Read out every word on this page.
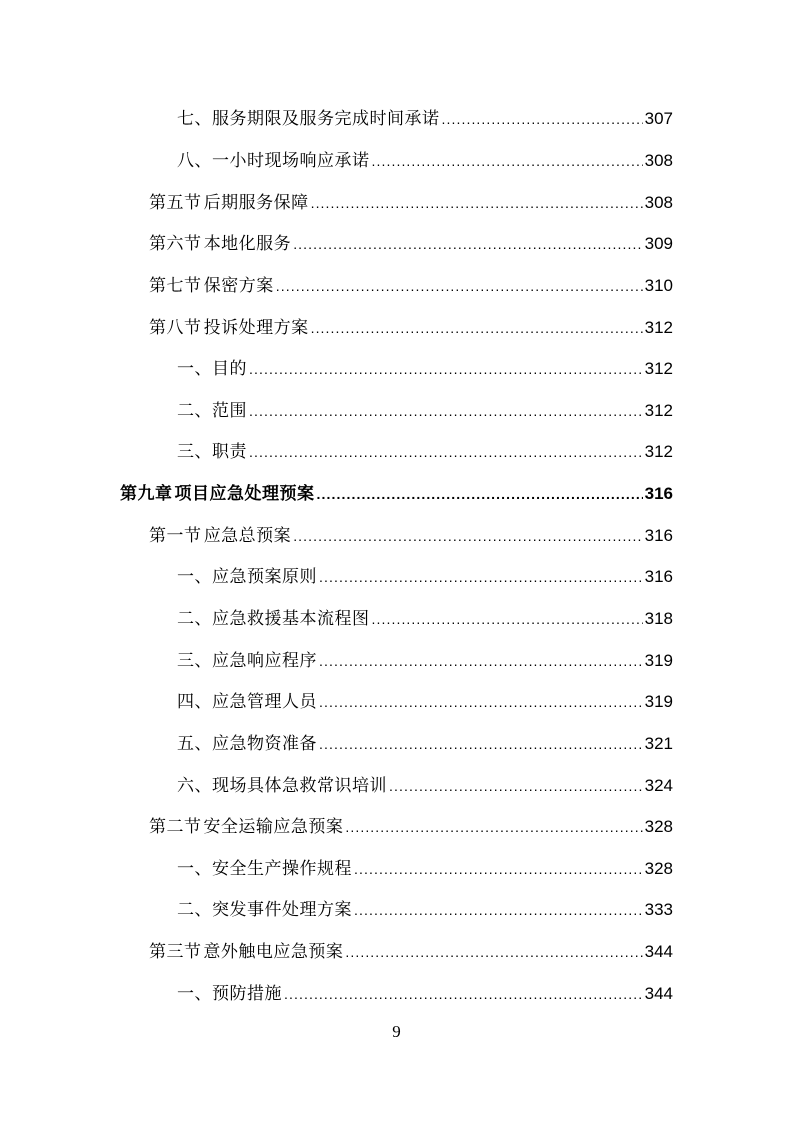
七、 服务期限及服务完成时间承诺 .....	307
八、 一小时现场响应承诺 .....	308
第五节 后期服务保障 .....	308
第六节 本地化服务 .....	309
第七节 保密方案 .....	310
第八节 投诉处理方案 .....	312
一、 目的 .....	312
二、 范围 .....	312
三、 职责 .....	312
第九章 项目应急处理预案 .....	316
第一节 应急总预案 .....	316
一、 应急预案原则 .....	316
二、 应急救援基本流程图 .....	318
三、 应急响应程序 .....	319
四、 应急管理人员 .....	319
五、 应急物资准备 .....	321
六、 现场具体急救常识培训 .....	324
第二节 安全运输应急预案 .....	328
一、 安全生产操作规程 .....	328
二、 突发事件处理方案 .....	333
第三节 意外触电应急预案 .....	344
一、 预防措施 .....	344
9
